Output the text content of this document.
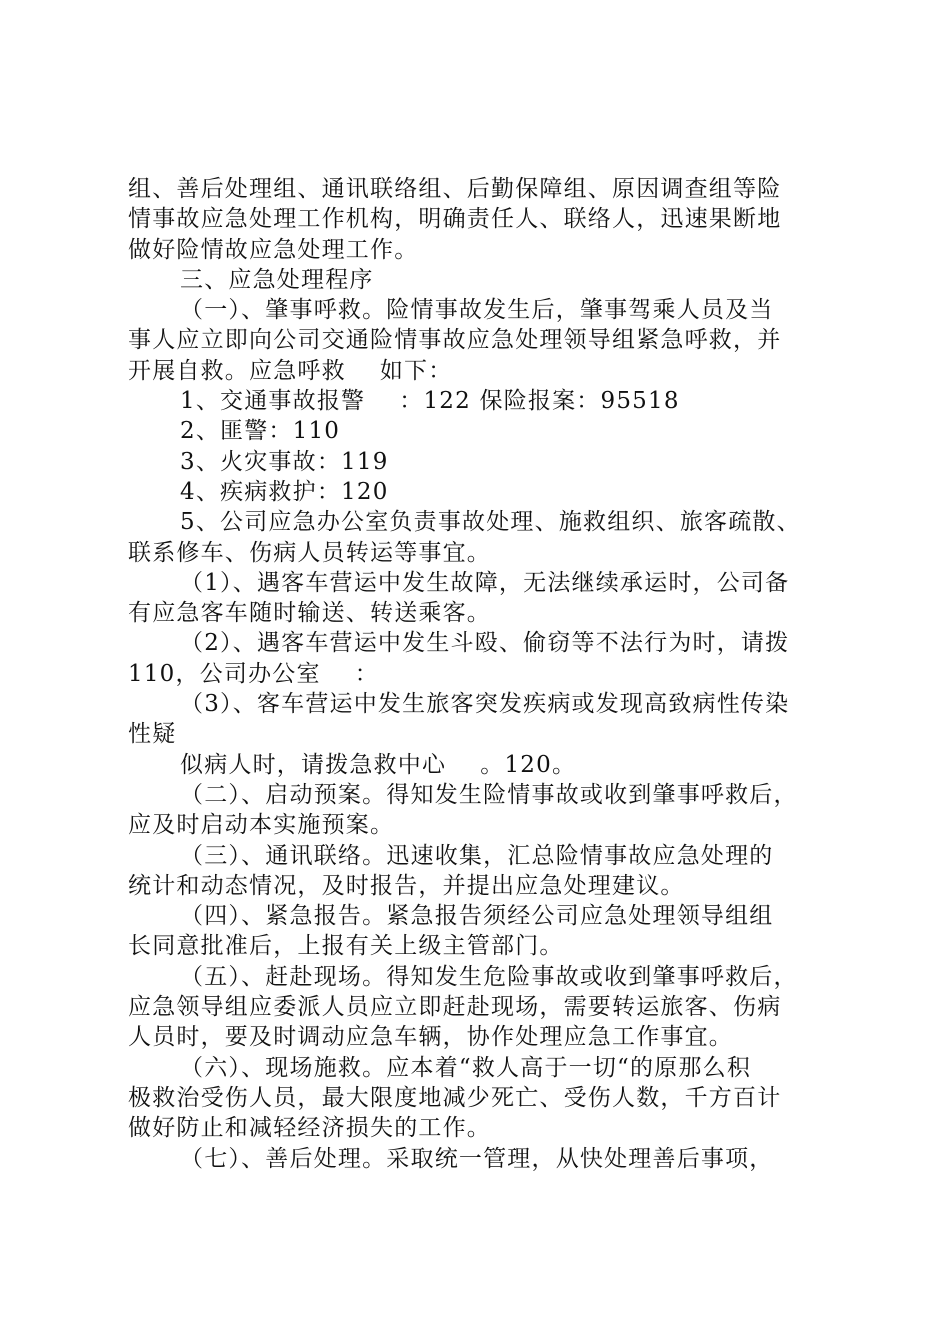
组、善后处理组、通讯联络组、后勤保障组、原因调查组等险
情事故应急处理工作机构，明确责任人、联络人，迅速果断地
做好险情故应急处理工作。
三、应急处理程序
（一）、肇事呼救。险情事故发生后，肇事驾乘人员及当
事人应立即向公司交通险情事故应急处理领导组紧急呼救，并
开展自救。应急呼救    如下：
1、交通事故报警    ：122 保险报案：95518
2、匪警：110
3、火灾事故：119
4、疾病救护：120
5、公司应急办公室负责事故处理、施救组织、旅客疏散、
联系修车、伤病人员转运等事宜。
（1）、遇客车营运中发生故障，无法继续承运时，公司备
有应急客车随时输送、转送乘客。
（2）、遇客车营运中发生斗殴、偷窃等不法行为时，请拨
110，公司办公室    ：
（3）、客车营运中发生旅客突发疾病或发现高致病性传染
性疑
似病人时，请拨急救中心    。120。
（二）、启动预案。得知发生险情事故或收到肇事呼救后，
应及时启动本实施预案。
（三）、通讯联络。迅速收集，汇总险情事故应急处理的
统计和动态情况，及时报告，并提出应急处理建议。
（四）、紧急报告。紧急报告须经公司应急处理领导组组
长同意批准后，上报有关上级主管部门。
（五）、赶赴现场。得知发生危险事故或收到肇事呼救后，
应急领导组应委派人员应立即赶赴现场，需要转运旅客、伤病
人员时，要及时调动应急车辆，协作处理应急工作事宜。
（六）、现场施救。应本着“救人高于一切“的原那么积
极救治受伤人员，最大限度地减少死亡、受伤人数，千方百计
做好防止和减轻经济损失的工作。
（七）、善后处理。采取统一管理，从快处理善后事项，
